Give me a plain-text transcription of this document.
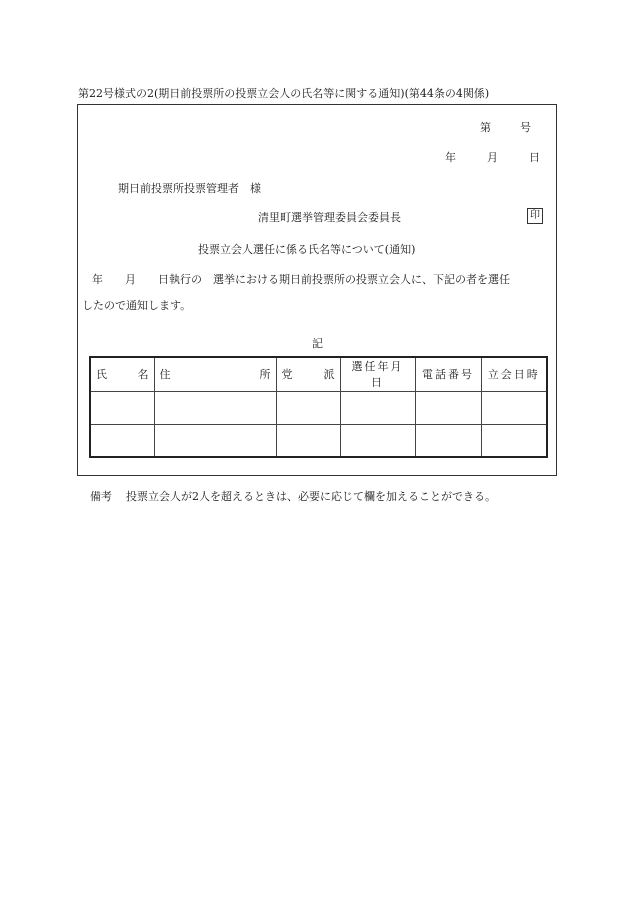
第22号様式の2(期日前投票所の投票立会人の氏名等に関する通知)(第44条の4関係)
第	号
年	月	日
期日前投票所投票管理者　様
清里町選挙管理委員会委員長	印
投票立会人選任に係る氏名等について(通知)
年　　月　　日執行の　選挙における期日前投票所の投票立会人に、下記の者を選任
したので通知します。
記
氏 名	住 所	党 派	選任年月日	電話番号	立会日時

備考 投票立会人が2人を超えるときは、必要に応じて欄を加えることができる。
